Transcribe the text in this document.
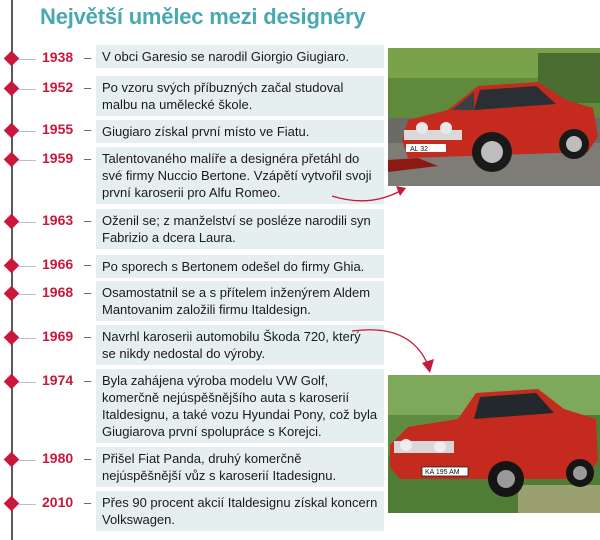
Největší umělec mezi designéry
1938 – V obci Garesio se narodil Giorgio Giugiaro.
1952 – Po vzoru svých příbuzných začal studoval malbu na umělecké škole.
1955 – Giugiaro získal první místo ve Fiatu.
1959 – Talentovaného malíře a designéra přetáhl do své firmy Nuccio Bertone. Vzápětí vytvořil svoji první karoserii pro Alfu Romeo.
1963 – Oženil se; z manželství se posléze narodili syn Fabrizio a dcera Laura.
1966 – Po sporech s Bertonem odešel do firmy Ghia.
1968 – Osamostatnil se a s přítelem inženýrem Aldem Mantovanim založili firmu Italdesign.
1969 – Navrhl karoserii automobilu Škoda 720, který se nikdy nedostal do výroby.
1974 – Byla zahájena výroba modelu VW Golf, komerčně nejúspěšnějšího auta s karoserií Italdesignu, a také vozu Hyundai Pony, což byla Giugiarova první spolupráce s Korejci.
1980 – Přišel Fiat Panda, druhý komerčně nejúspěšnější vůz s karoserií Itadesignu.
2010 – Přes 90 procent akcií Italdesignu získal koncern Volkswagen.
AL 32
KA 195 AM
